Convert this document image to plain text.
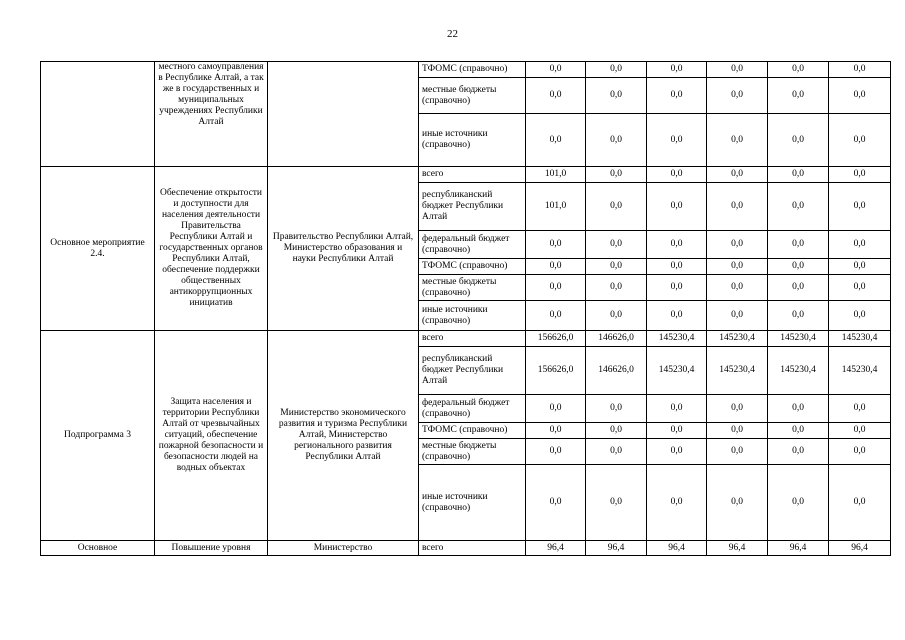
22
	местного самоуправления в Республике Алтай, а так же в государственных и муниципальных учреждениях Республики Алтай		ТФОМС (справочно)	0,0	0,0	0,0	0,0	0,0	0,0
			местные бюджеты (справочно)	0,0	0,0	0,0	0,0	0,0	0,0
			иные источники (справочно)	0,0	0,0	0,0	0,0	0,0	0,0
Основное мероприятие 2.4.	Обеспечение открытости и доступности для населения деятельности Правительства Республики Алтай и государственных органов Республики Алтай, обеспечение поддержки общественных антикоррупционных инициатив	Правительство Республики Алтай, Министерство образования и науки Республики Алтай	всего	101,0	0,0	0,0	0,0	0,0	0,0
			республиканский бюджет Республики Алтай	101,0	0,0	0,0	0,0	0,0	0,0
			федеральный бюджет (справочно)	0,0	0,0	0,0	0,0	0,0	0,0
			ТФОМС (справочно)	0,0	0,0	0,0	0,0	0,0	0,0
			местные бюджеты (справочно)	0,0	0,0	0,0	0,0	0,0	0,0
			иные источники (справочно)	0,0	0,0	0,0	0,0	0,0	0,0
Подпрограмма 3	Защита населения и территории Республики Алтай от чрезвычайных ситуаций, обеспечение пожарной безопасности и безопасности людей на водных объектах	Министерство экономического развития и туризма Республики Алтай, Министерство регионального развития Республики Алтай	всего	156626,0	146626,0	145230,4	145230,4	145230,4	145230,4
			республиканский бюджет Республики Алтай	156626,0	146626,0	145230,4	145230,4	145230,4	145230,4
			федеральный бюджет (справочно)	0,0	0,0	0,0	0,0	0,0	0,0
			ТФОМС (справочно)	0,0	0,0	0,0	0,0	0,0	0,0
			местные бюджеты (справочно)	0,0	0,0	0,0	0,0	0,0	0,0
			иные источники (справочно)	0,0	0,0	0,0	0,0	0,0	0,0
Основное	Повышение уровня	Министерство	всего	96,4	96,4	96,4	96,4	96,4	96,4
